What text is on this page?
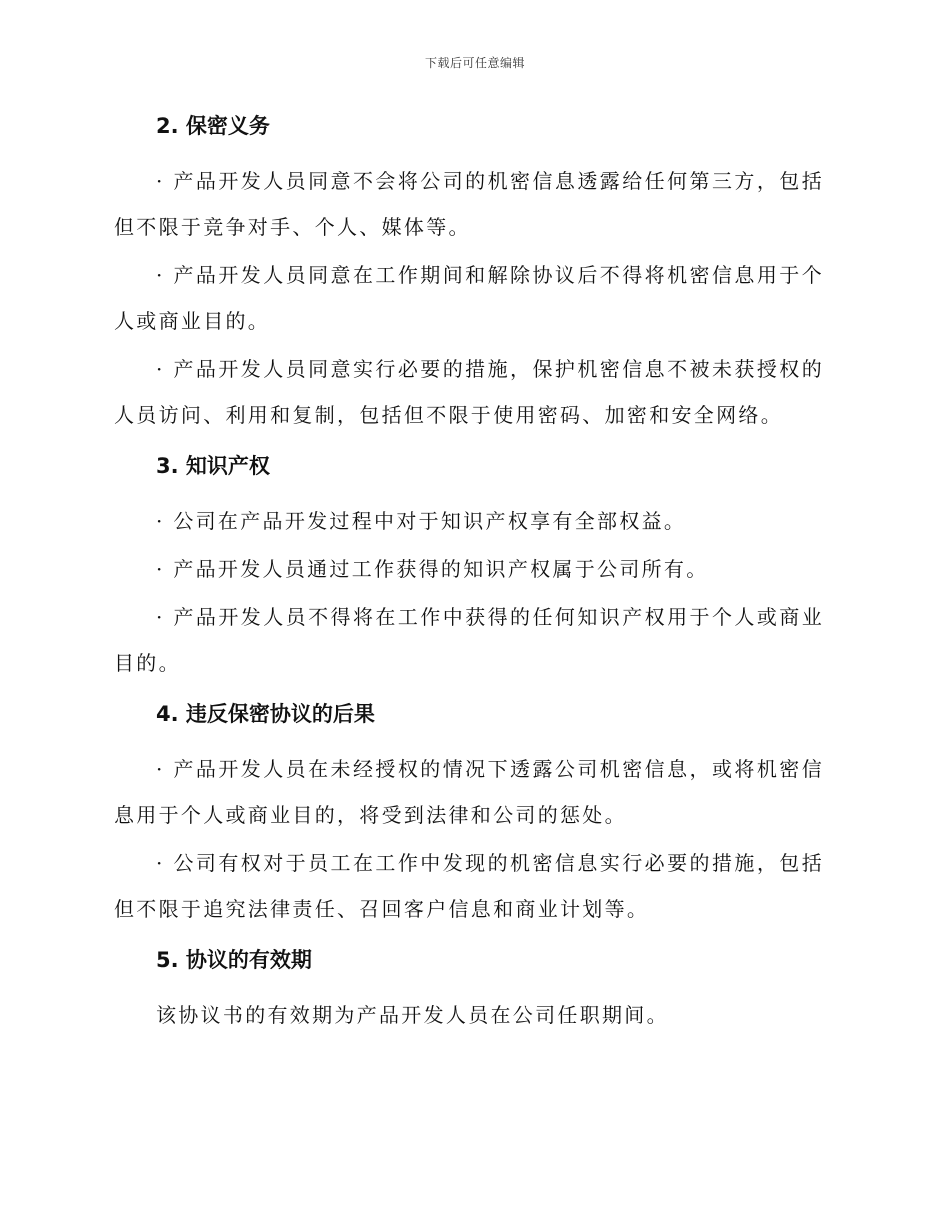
下载后可任意编辑
2. 保密义务

· 产品开发人员同意不会将公司的机密信息透露给任何第三方，包括但不限于竞争对手、个人、媒体等。

· 产品开发人员同意在工作期间和解除协议后不得将机密信息用于个人或商业目的。

· 产品开发人员同意实行必要的措施，保护机密信息不被未获授权的人员访问、利用和复制，包括但不限于使用密码、加密和安全网络。

3. 知识产权

· 公司在产品开发过程中对于知识产权享有全部权益。

· 产品开发人员通过工作获得的知识产权属于公司所有。

· 产品开发人员不得将在工作中获得的任何知识产权用于个人或商业目的。

4. 违反保密协议的后果

· 产品开发人员在未经授权的情况下透露公司机密信息，或将机密信息用于个人或商业目的，将受到法律和公司的惩处。

· 公司有权对于员工在工作中发现的机密信息实行必要的措施，包括但不限于追究法律责任、召回客户信息和商业计划等。

5. 协议的有效期

该协议书的有效期为产品开发人员在公司任职期间。
